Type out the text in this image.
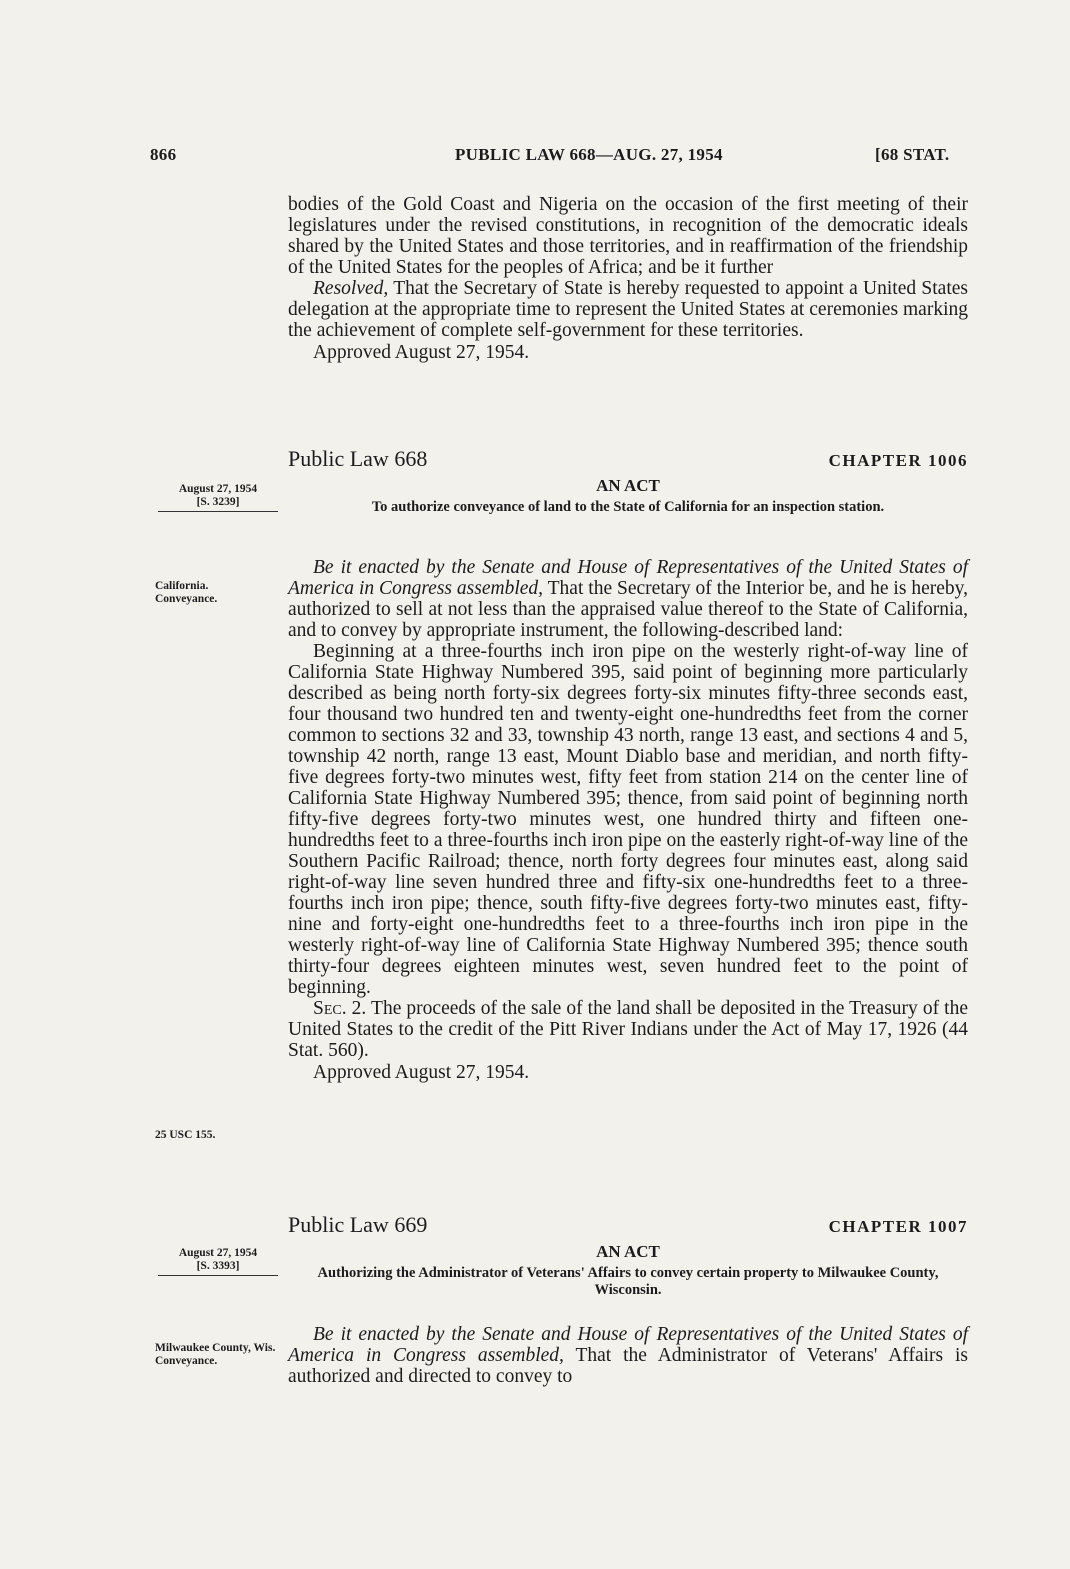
866	PUBLIC LAW 668—AUG. 27, 1954	[68 STAT.

bodies of the Gold Coast and Nigeria on the occasion of the first meeting of their legislatures under the revised constitutions, in recognition of the democratic ideals shared by the United States and those territories, and in reaffirmation of the friendship of the United States for the peoples of Africa; and be it further

Resolved, That the Secretary of State is hereby requested to appoint a United States delegation at the appropriate time to represent the United States at ceremonies marking the achievement of complete self-government for these territories.

Approved August 27, 1954.

Public Law 668	CHAPTER 1006
AN ACT
To authorize conveyance of land to the State of California for an inspection station.
August 27, 1954
[S. 3239]
California.
Conveyance.

Be it enacted by the Senate and House of Representatives of the United States of America in Congress assembled, That the Secretary of the Interior be, and he is hereby, authorized to sell at not less than the appraised value thereof to the State of California, and to convey by appropriate instrument, the following-described land:

Beginning at a three-fourths inch iron pipe on the westerly right-of-way line of California State Highway Numbered 395, said point of beginning more particularly described as being north forty-six degrees forty-six minutes fifty-three seconds east, four thousand two hundred ten and twenty-eight one-hundredths feet from the corner common to sections 32 and 33, township 43 north, range 13 east, and sections 4 and 5, township 42 north, range 13 east, Mount Diablo base and meridian, and north fifty-five degrees forty-two minutes west, fifty feet from station 214 on the center line of California State Highway Numbered 395; thence, from said point of beginning north fifty-five degrees forty-two minutes west, one hundred thirty and fifteen one-hundredths feet to a three-fourths inch iron pipe on the easterly right-of-way line of the Southern Pacific Railroad; thence, north forty degrees four minutes east, along said right-of-way line seven hundred three and fifty-six one-hundredths feet to a three-fourths inch iron pipe; thence, south fifty-five degrees forty-two minutes east, fifty-nine and forty-eight one-hundredths feet to a three-fourths inch iron pipe in the westerly right-of-way line of California State Highway Numbered 395; thence south thirty-four degrees eighteen minutes west, seven hundred feet to the point of beginning.

Sec. 2. The proceeds of the sale of the land shall be deposited in the Treasury of the United States to the credit of the Pitt River Indians under the Act of May 17, 1926 (44 Stat. 560).

Approved August 27, 1954.

25 USC 155.
Public Law 669	CHAPTER 1007
AN ACT
Authorizing the Administrator of Veterans' Affairs to convey certain property to Milwaukee County, Wisconsin.
August 27, 1954
[S. 3393]
Milwaukee County, Wis.
Conveyance.

Be it enacted by the Senate and House of Representatives of the United States of America in Congress assembled, That the Administrator of Veterans' Affairs is authorized and directed to convey to
